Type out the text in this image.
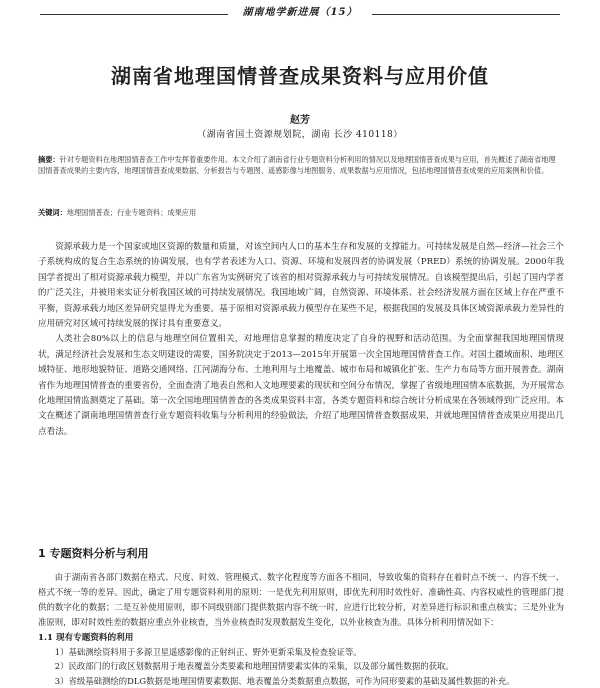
湖南地学新进展（15）
湖南省地理国情普查成果资料与应用价值
赵芳
（湖南省国土资源规划院，湖南 长沙 410118）
摘要：针对专题资料在地理国情普查工作中发挥着重要作用。本文介绍了湖南省行业专题资料分析利用的情况以及地理国情普查成果与应用，首先概述了湖南省地理国情普查成果的主要内容，地理国情普查成果数据、分析报告与专题图、遥感影像与地图服务、成果数据与应用情况，包括地理国情普查成果的应用案例和价值。
关键词：地理国情普查；行业专题资料；成果应用

资源承载力是一个国家或地区资源的数量和质量，对该空间内人口的基本生存和发展的支撑能力。可持续发展是自然—经济—社会三个子系统构成的复合生态系统的协调发展，也有学者表述为人口、资源、环境和发展四者的协调发展（PRED）系统的协调发展。2000年我国学者提出了相对资源承载力模型，并以广东省为实例研究了该省的相对资源承载力与可持续发展情况。自该模型提出后，引起了国内学者的广泛关注，并被用来实证分析我国区域的可持续发展情况。我国地域广阔，自然资源、环境体系、社会经济发展方面在区域上存在严重不平衡，资源承载力地区差异研究显得尤为重要。基于原相对资源承载力模型存在某些不足，根据我国的发展及具体区域资源承载力差异性的应用研究对区域可持续发展的探讨具有重要意义。

人类社会80%以上的信息与地理空间位置相关，对地理信息掌握的精度决定了自身的视野和活动范围。为全面掌握我国地理国情现状，满足经济社会发展和生态文明建设的需要，国务院决定于2013—2015年开展第一次全国地理国情普查工作。对国土疆域面积、地理区域特征、地形地貌特征、道路交通网络、江河湖海分布、土地利用与土地覆盖、城市布局和城镇化扩张、生产力布局等方面开展普查。湖南省作为地理国情普查的重要省份，全面查清了地表自然和人文地理要素的现状和空间分布情况，掌握了省级地理国情本底数据，为开展常态化地理国情监测奠定了基础。第一次全国地理国情普查的各类成果资料丰富，各类专题资料和综合统计分析成果在各领域得到广泛应用。本文在概述了湖南地理国情普查行业专题资料收集与分析利用的经验做法，介绍了地理国情普查数据成果，并就地理国情普查成果应用提出几点看法。

1 专题资料分析与利用

由于湖南省各部门数据在格式、尺度、时效、管理模式、数字化程度等方面各不相同，导致收集的资料存在着时点不统一、内容不统一、格式不统一等的差异。因此，确定了用专题资料利用的原则：一是优先利用原则，即优先利用时效性好、准确性高、内容权威性的管理部门提供的数字化的数据；二是互补使用原则，即不同级别部门提供数据内容不统一时，应进行比较分析，对差异进行标识和重点核实；三是外业为准原则，即对时效性差的数据应重点外业核查，当外业核查时发现数据发生变化，以外业核查为准。具体分析利用情况如下：

1.1 现有专题资料的利用

1）基础测绘资料用于多源卫星遥感影像的正射纠正、野外更新采集及检查验证等。

2）民政部门的行政区划数据用于地表覆盖分类要素和地理国情要素实体的采集，以及部分属性数据的获取。

3）省级基础测绘的DLG数据是地理国情要素数据、地表覆盖分类数据重点数据，可作为同形要素的基础及属性数据的补充。
